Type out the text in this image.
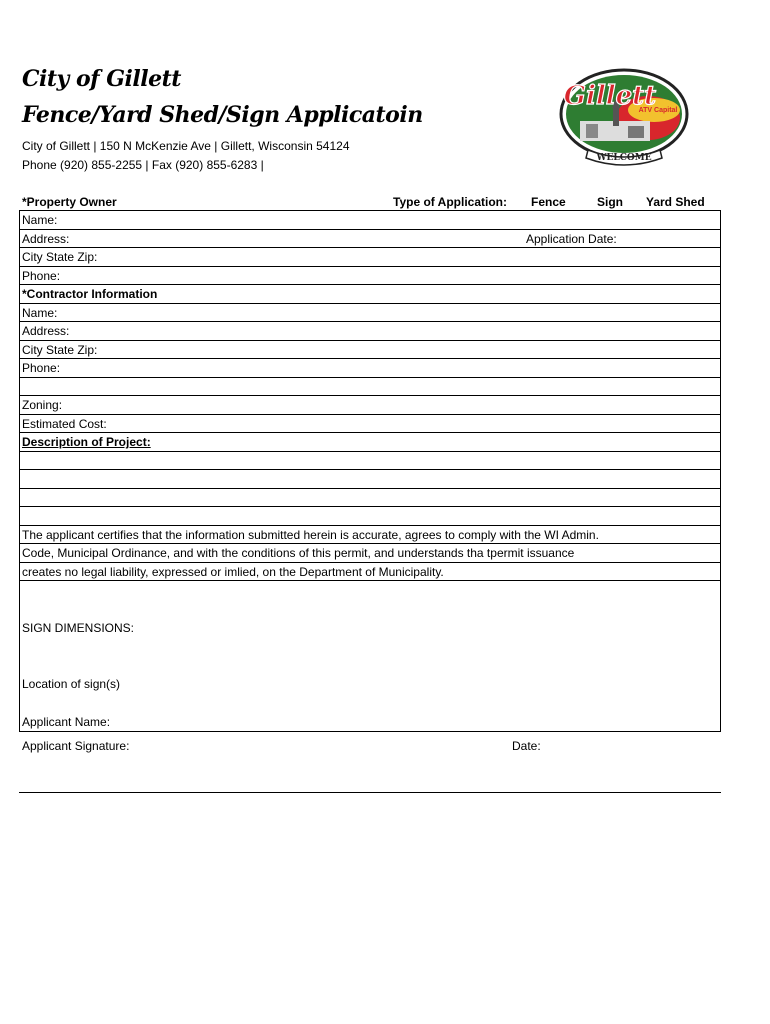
City of Gillett
Fence/Yard Shed/Sign Applicatoin
City of Gillett | 150 N McKenzie Ave | Gillett, Wisconsin 54124
Phone (920) 855-2255 | Fax (920) 855-6283 |
Gillett
ATV Capital
WELCOME
*Property Owner	Type of Application: Fence	Sign Yard Shed
Name:
Address:	Application Date:
City State Zip:
Phone:
*Contractor Information
Name:
Address:
City State Zip:
Phone:
Zoning:
Estimated Cost:
Description of Project:
The applicant certifies that the information submitted herein is accurate, agrees to comply with the WI Admin.
Code, Municipal Ordinance, and with the conditions of this permit, and understands tha tpermit issuance
creates no legal liability, expressed or imlied, on the Department of Municipality.
SIGN DIMENSIONS:
Location of sign(s)
Applicant Name:
Applicant Signature:	Date:
